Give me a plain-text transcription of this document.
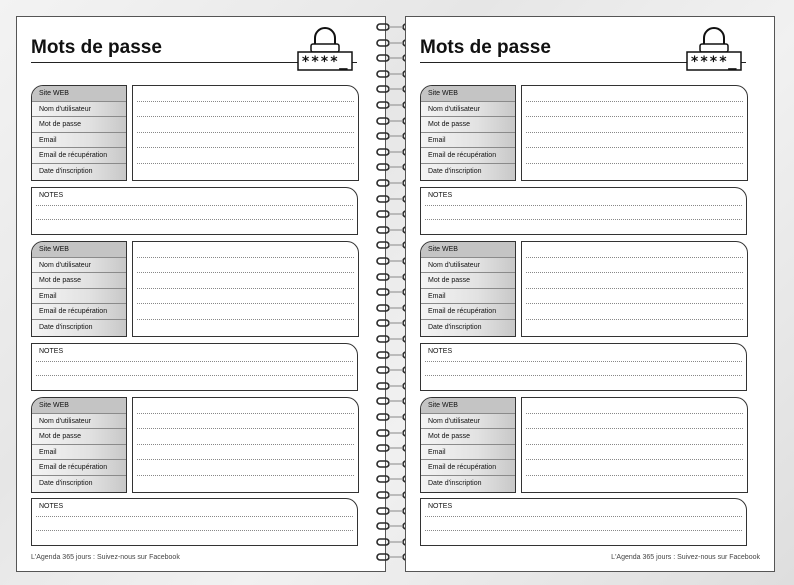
Mots de passe
****_
Site WEB
Nom d'utilisateur
Mot de passe
Email
Email de récupération
Date d'inscription
NOTES
Site WEB
Nom d'utilisateur
Mot de passe
Email
Email de récupération
Date d'inscription
NOTES
Site WEB
Nom d'utilisateur
Mot de passe
Email
Email de récupération
Date d'inscription
NOTES
L'Agenda 365 jours : Suivez-nous sur Facebook
Mots de passe
****_
Site WEB
Nom d'utilisateur
Mot de passe
Email
Email de récupération
Date d'inscription
NOTES
Site WEB
Nom d'utilisateur
Mot de passe
Email
Email de récupération
Date d'inscription
NOTES
Site WEB
Nom d'utilisateur
Mot de passe
Email
Email de récupération
Date d'inscription
NOTES
L'Agenda 365 jours : Suivez-nous sur Facebook
